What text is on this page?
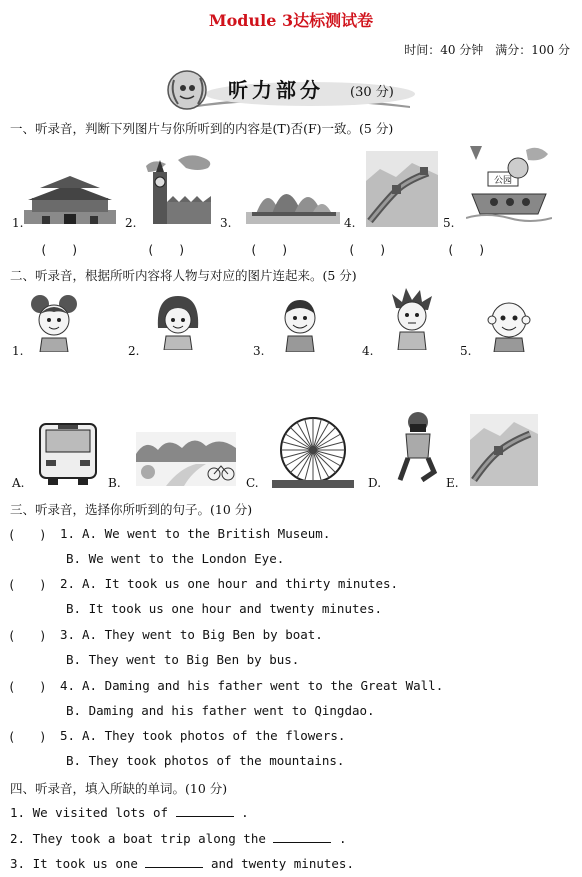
Module 3达标测试卷
时间：40 分钟　满分：100 分
听力部分 (30 分)
一、听录音，判断下列图片与你所听到的内容是(T)否(F)一致。(5 分)
1.
(　　)
2.
(　　)
3.
(　　)
4.
(　　)
5.
公园
(　　)
二、听录音，根据所听内容将人物与对应的图片连起来。(5 分)
1.	2.	3.	4.	5.
A.	B.	C.	D.	E.
三、听录音，选择你所听到的句子。(10 分)
(　　) 1. A. We went to the British Museum.
B. We went to the London Eye.
(　　) 2. A. It took us one hour and thirty minutes.
B. It took us one hour and twenty minutes.
(　　) 3. A. They went to Big Ben by boat.
B. They went to Big Ben by bus.
(　　) 4. A. Daming and his father went to the Great Wall.
B. Daming and his father went to Qingdao.
(　　) 5. A. They took photos of the flowers.
B. They took photos of the mountains.
四、听录音，填入所缺的单词。(10 分)
1. We visited lots of	.
2. They took a boat trip along the	.
3. It took us one	and twenty minutes.
